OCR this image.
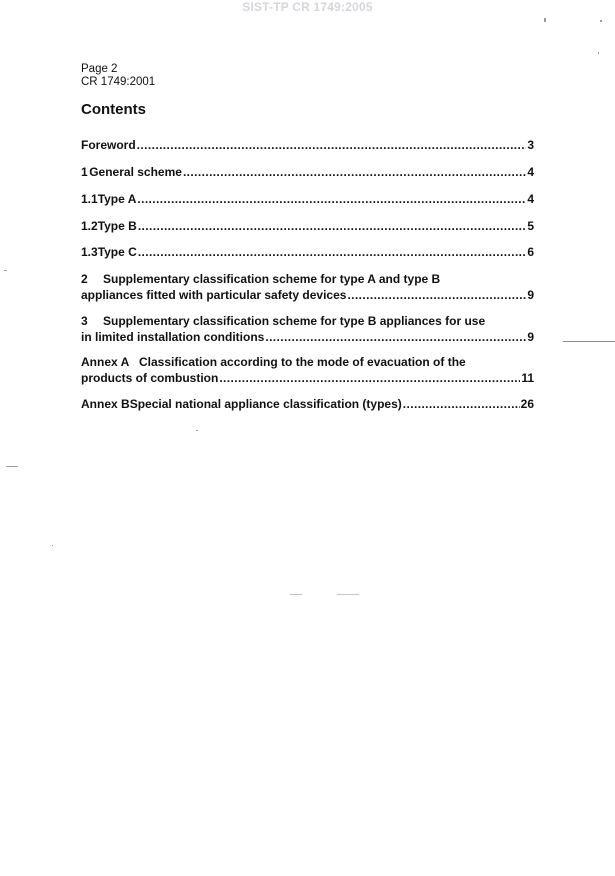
SIST-TP CR 1749:2005
Page 2
CR 1749:2001
Contents
Foreword .....	3
1 General scheme .....	4
1.1 Type A .....	4
1.2 Type B .....	5
1.3 Type C .....	6
2	Supplementary classification scheme for type A and type B
appliances fitted with particular safety devices .....	9
3	Supplementary classification scheme for type B appliances for use
in limited installation conditions .....	9
Annex A Classification according to the mode of evacuation of the
products of combustion .....	11
Annex B Special national appliance classification (types) .....	26
